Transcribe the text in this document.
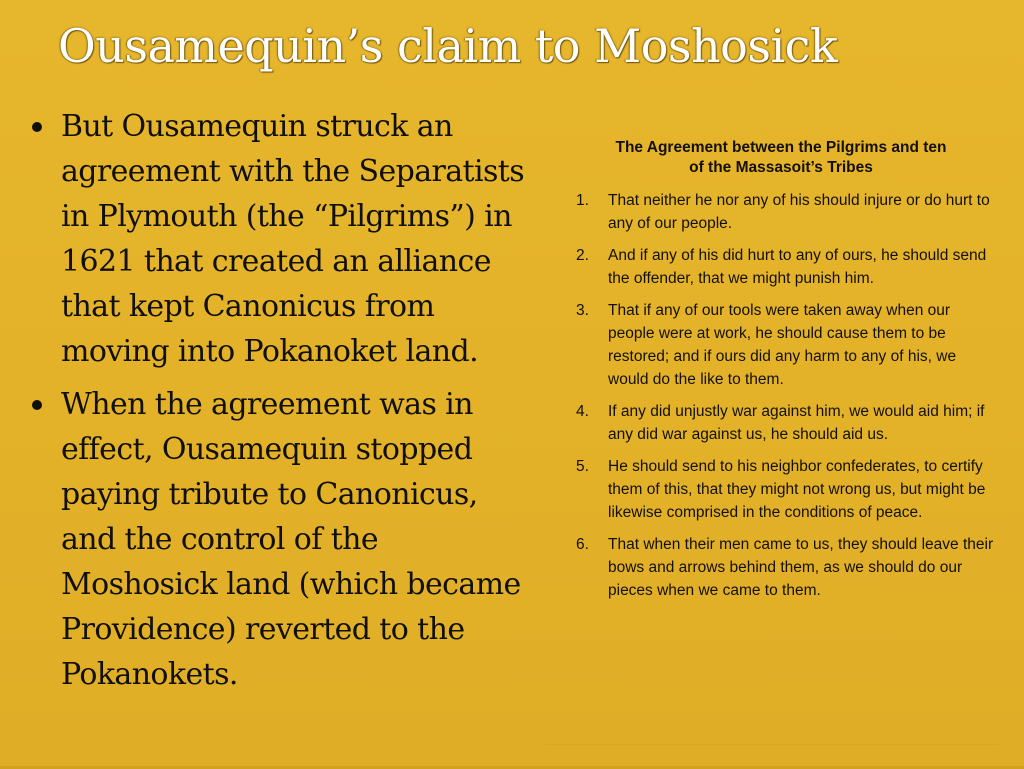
Ousamequin’s claim to Moshosick
But Ousamequin struck an agreement with the Separatists in Plymouth (the “Pilgrims”) in 1621 that created an alliance that kept Canonicus from moving into Pokanoket land.
When the agreement was in effect, Ousamequin stopped paying tribute to Canonicus, and the control of the Moshosick land (which became Providence) reverted to the Pokanokets.
The Agreement between the Pilgrims and ten
of the Massasoit’s Tribes
1. That neither he nor any of his should injure or do hurt to any of our people.
2. And if any of his did hurt to any of ours, he should send the offender, that we might punish him.
3. That if any of our tools were taken away when our people were at work, he should cause them to be restored; and if ours did any harm to any of his, we would do the like to them.
4. If any did unjustly war against him, we would aid him; if any did war against us, he should aid us.
5. He should send to his neighbor confederates, to certify them of this, that they might not wrong us, but might be likewise comprised in the conditions of peace.
6. That when their men came to us, they should leave their bows and arrows behind them, as we should do our pieces when we came to them.
